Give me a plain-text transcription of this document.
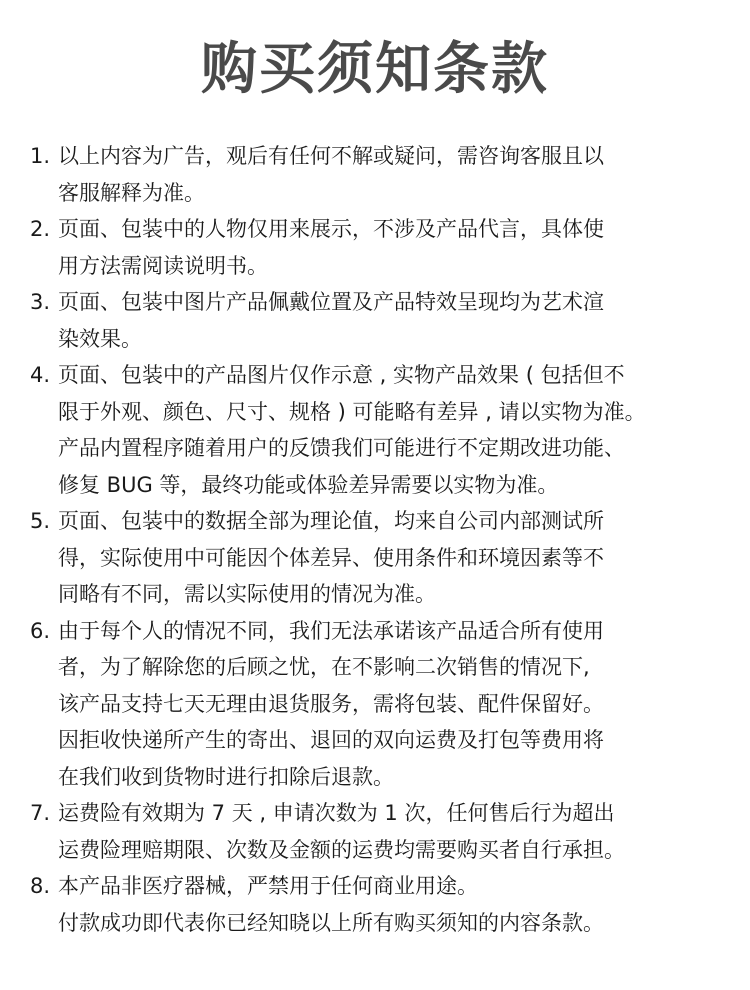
购买须知条款
1. 以上内容为广告，观后有任何不解或疑问，需咨询客服且以
客服解释为准。
2. 页面、包装中的人物仅用来展示，不涉及产品代言，具体使
用方法需阅读说明书。
3. 页面、包装中图片产品佩戴位置及产品特效呈现均为艺术渲
染效果。
4. 页面、包装中的产品图片仅作示意 , 实物产品效果 ( 包括但不
限于外观、颜色、尺寸、规格 ) 可能略有差异 , 请以实物为准。
产品内置程序随着用户的反馈我们可能进行不定期改进功能、
修复 BUG 等，最终功能或体验差异需要以实物为准。
5. 页面、包装中的数据全部为理论值，均来自公司内部测试所
得，实际使用中可能因个体差异、使用条件和环境因素等不
同略有不同，需以实际使用的情况为准。
6. 由于每个人的情况不同，我们无法承诺该产品适合所有使用
者，为了解除您的后顾之忧，在不影响二次销售的情况下,
该产品支持七天无理由退货服务，需将包装、配件保留好。
因拒收快递所产生的寄出、退回的双向运费及打包等费用将
在我们收到货物时进行扣除后退款。
7. 运费险有效期为 7 天 , 申请次数为 1 次，任何售后行为超出
运费险理赔期限、次数及金额的运费均需要购买者自行承担。
8. 本产品非医疗器械，严禁用于任何商业用途。
付款成功即代表你已经知晓以上所有购买须知的内容条款。
